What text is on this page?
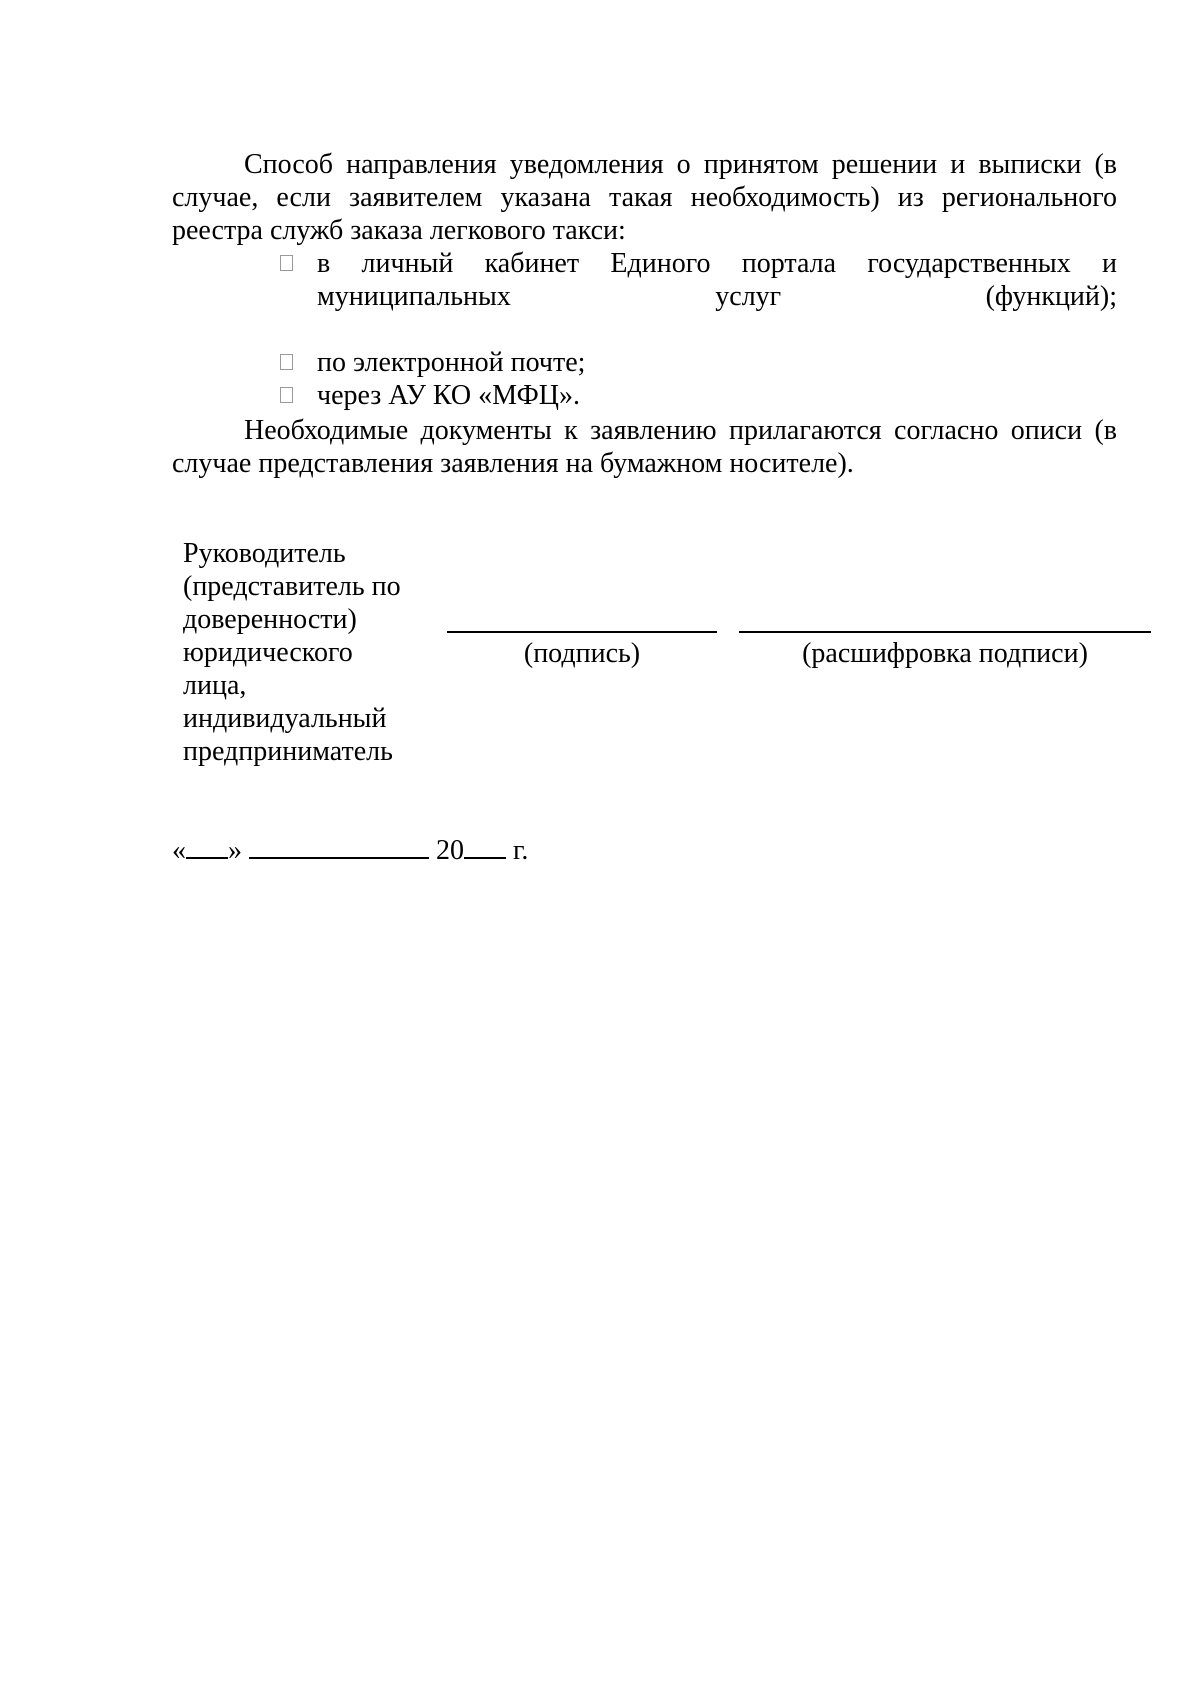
Способ направления уведомления о принятом решении и выписки (в случае, если заявителем указана такая необходимость) из регионального реестра служб заказа легкового такси:

в личный кабинет Единого портала государственных и муниципальных услуг (функций);
по электронной почте;
через АУ КО «МФЦ».

Необходимые документы к заявлению прилагаются согласно описи (в случае представления заявления на бумажном носителе).

Руководитель (представитель по доверенности) юридического лица, индивидуальный предприниматель
(подпись)	(расшифровка подписи)
« »	20 г.
